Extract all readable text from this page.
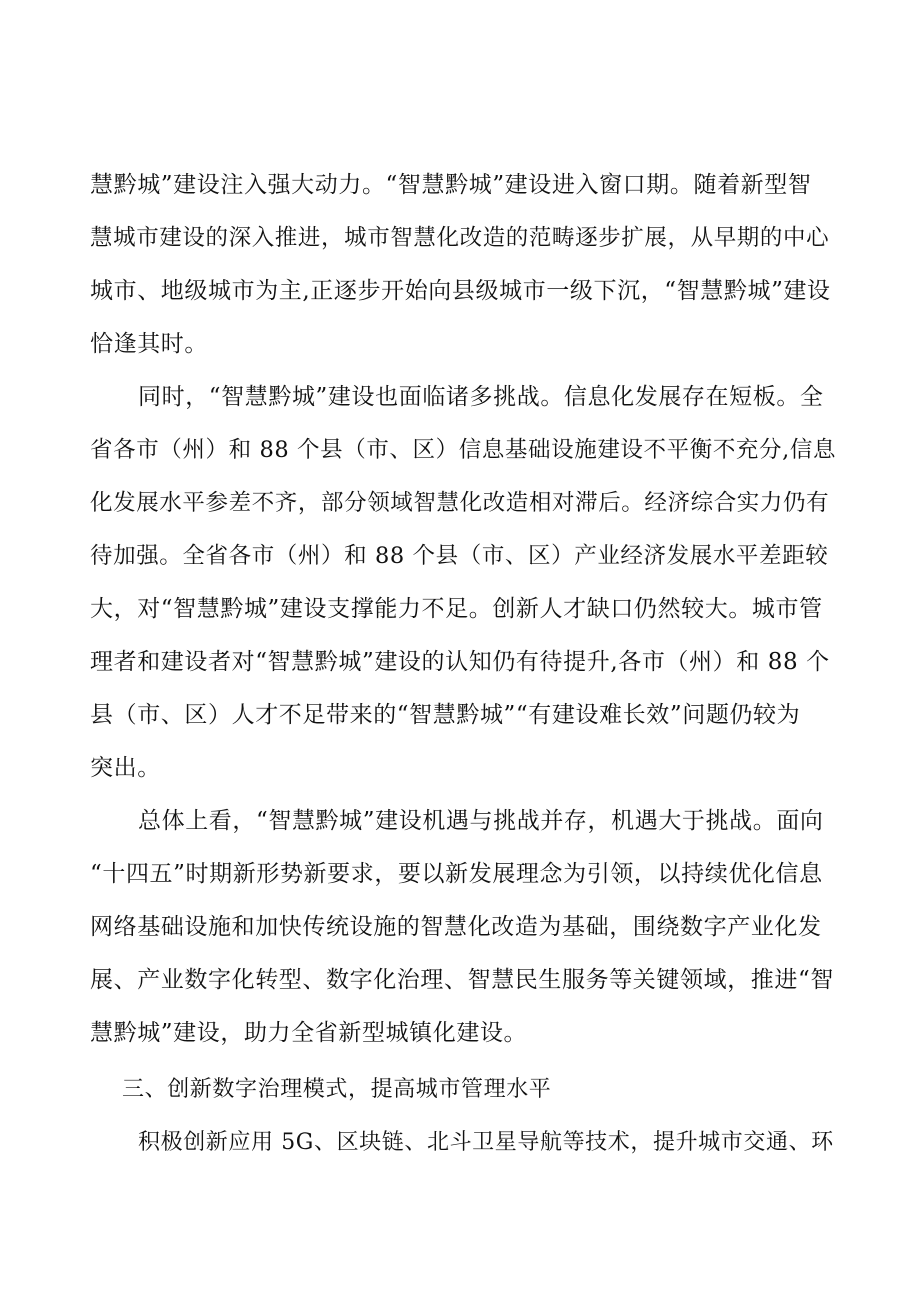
慧黔城”建设注入强大动力。“智慧黔城”建设进入窗口期。随着新型智
慧城市建设的深入推进，城市智慧化改造的范畴逐步扩展，从早期的中心
城市、地级城市为主,正逐步开始向县级城市一级下沉，“智慧黔城”建设
恰逢其时。
同时，“智慧黔城”建设也面临诸多挑战。信息化发展存在短板。全
省各市（州）和 88 个县（市、区）信息基础设施建设不平衡不充分,信息
化发展水平参差不齐，部分领域智慧化改造相对滞后。经济综合实力仍有
待加强。全省各市（州）和 88 个县（市、区）产业经济发展水平差距较
大，对“智慧黔城”建设支撑能力不足。创新人才缺口仍然较大。城市管
理者和建设者对“智慧黔城”建设的认知仍有待提升,各市（州）和 88 个
县（市、区）人才不足带来的“智慧黔城”“有建设难长效”问题仍较为
突出。
总体上看，“智慧黔城”建设机遇与挑战并存，机遇大于挑战。面向
“十四五”时期新形势新要求，要以新发展理念为引领，以持续优化信息
网络基础设施和加快传统设施的智慧化改造为基础，围绕数字产业化发
展、产业数字化转型、数字化治理、智慧民生服务等关键领域，推进“智
慧黔城”建设，助力全省新型城镇化建设。
三、创新数字治理模式，提高城市管理水平
积极创新应用 5G、区块链、北斗卫星导航等技术，提升城市交通、环
